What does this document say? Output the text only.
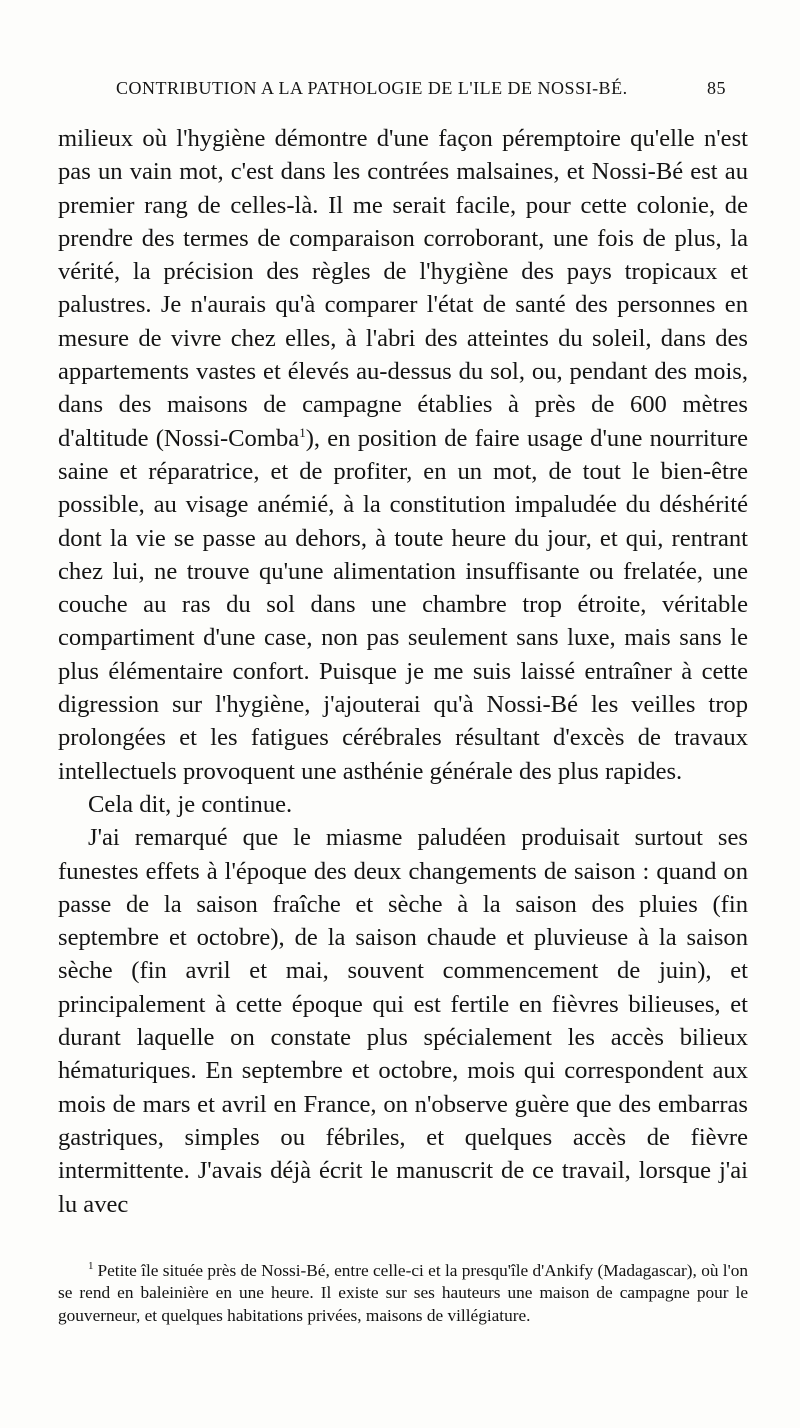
CONTRIBUTION A LA PATHOLOGIE DE L'ILE DE NOSSI-BÉ.	85

milieux où l'hygiène démontre d'une façon péremptoire qu'elle n'est pas un vain mot, c'est dans les contrées malsaines, et Nossi-Bé est au premier rang de celles-là. Il me serait facile, pour cette colonie, de prendre des termes de comparaison corroborant, une fois de plus, la vérité, la précision des règles de l'hygiène des pays tropicaux et palustres. Je n'aurais qu'à comparer l'état de santé des personnes en mesure de vivre chez elles, à l'abri des atteintes du soleil, dans des appartements vastes et élevés au-dessus du sol, ou, pendant des mois, dans des maisons de campagne établies à près de 600 mètres d'altitude (Nossi-Comba$^1$), en position de faire usage d'une nourriture saine et réparatrice, et de profiter, en un mot, de tout le bien-être possible, au visage anémié, à la constitution impaludée du déshérité dont la vie se passe au dehors, à toute heure du jour, et qui, rentrant chez lui, ne trouve qu'une alimentation insuffisante ou frelatée, une couche au ras du sol dans une chambre trop étroite, véritable compartiment d'une case, non pas seulement sans luxe, mais sans le plus élémentaire confort. Puisque je me suis laissé entraîner à cette digression sur l'hygiène, j'ajouterai qu'à Nossi-Bé les veilles trop prolongées et les fatigues cérébrales résultant d'excès de travaux intellectuels provoquent une asthénie générale des plus rapides.

Cela dit, je continue.

J'ai remarqué que le miasme paludéen produisait surtout ses funestes effets à l'époque des deux changements de saison : quand on passe de la saison fraîche et sèche à la saison des pluies (fin septembre et octobre), de la saison chaude et pluvieuse à la saison sèche (fin avril et mai, souvent commencement de juin), et principalement à cette époque qui est fertile en fièvres bilieuses, et durant laquelle on constate plus spécialement les accès bilieux hématuriques. En septembre et octobre, mois qui correspondent aux mois de mars et avril en France, on n'observe guère que des embarras gastriques, simples ou fébriles, et quelques accès de fièvre intermittente. J'avais déjà écrit le manuscrit de ce travail, lorsque j'ai lu avec

$^1$ Petite île située près de Nossi-Bé, entre celle-ci et la presqu'île d'Ankify (Madagascar), où l'on se rend en baleinière en une heure. Il existe sur ses hauteurs une maison de campagne pour le gouverneur, et quelques habitations privées, maisons de villégiature.
